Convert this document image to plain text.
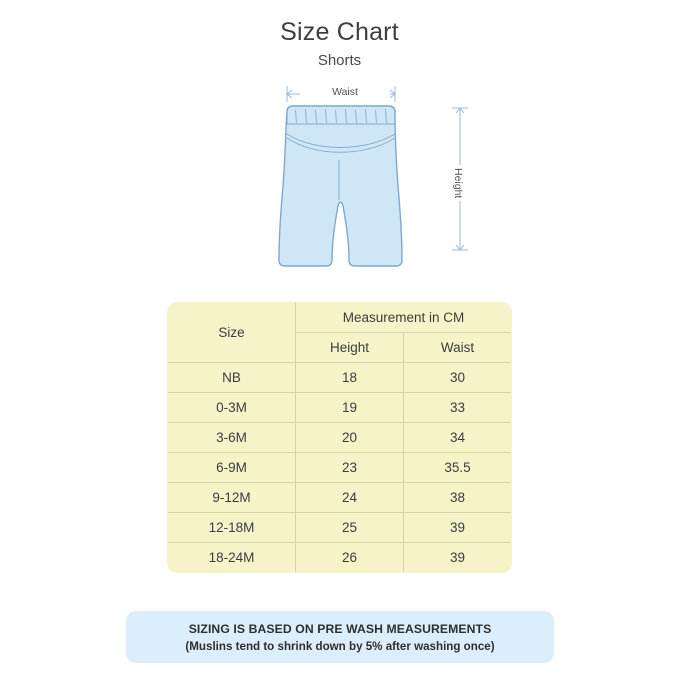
Size Chart
Shorts
Waist
Height
Size	Measurement in CM	
	Height	Waist
NB	18	30
0-3M	19	33
3-6M	20	34
6-9M	23	35.5
9-12M	24	38
12-18M	25	39
18-24M	26	39
SIZING IS BASED ON PRE WASH MEASUREMENTS
(Muslins tend to shrink down by 5% after washing once)
